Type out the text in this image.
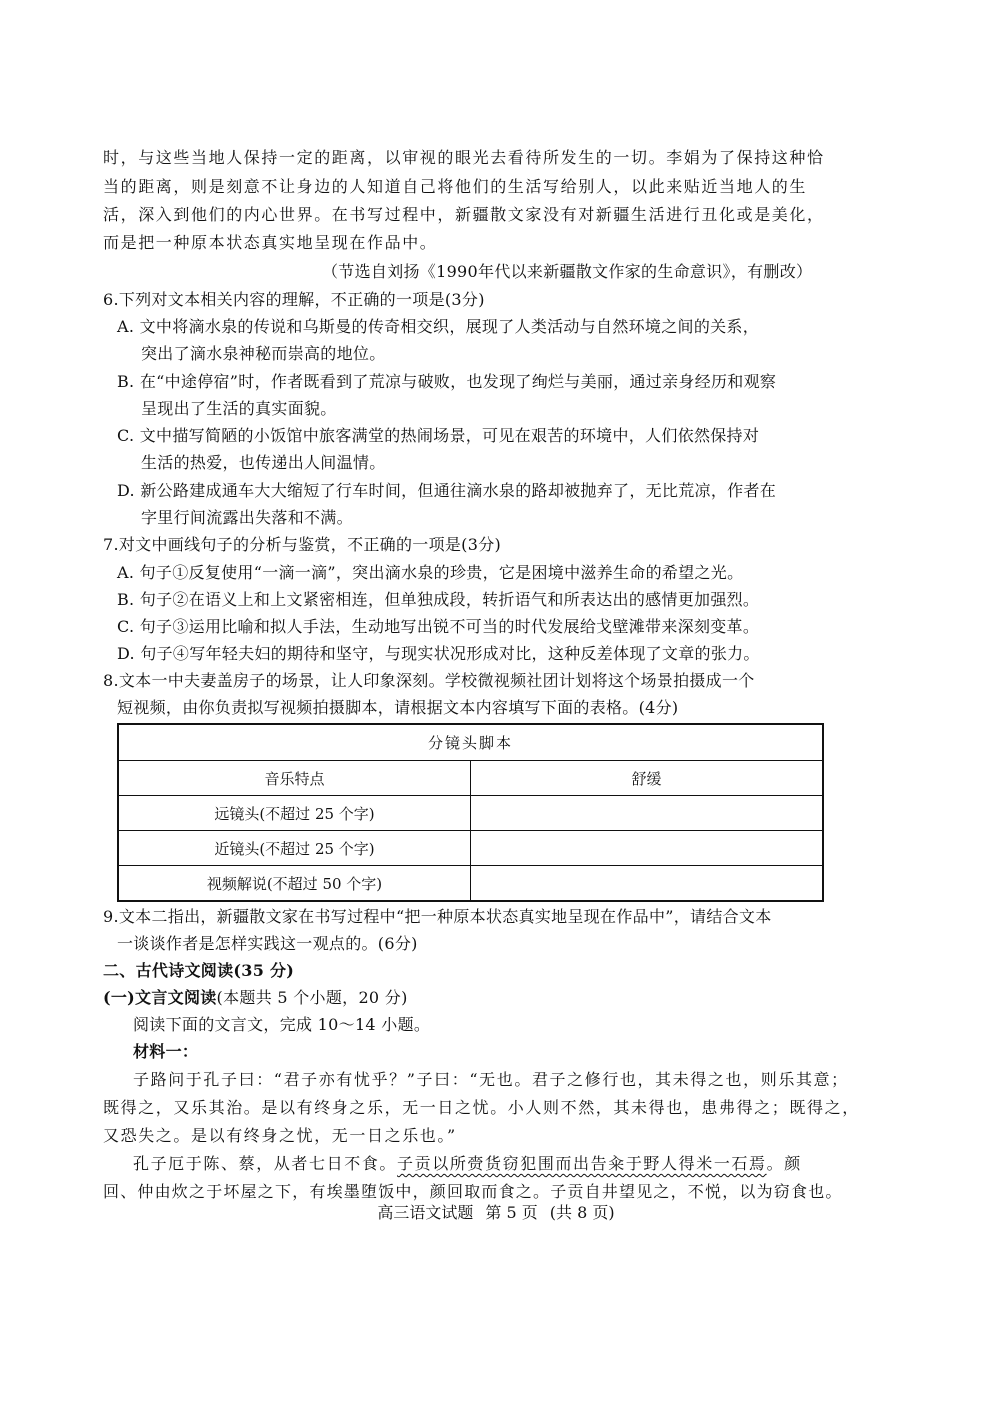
时，与这些当地人保持一定的距离，以审视的眼光去看待所发生的一切。李娟为了保持这种恰
当的距离，则是刻意不让身边的人知道自己将他们的生活写给别人，以此来贴近当地人的生
活，深入到他们的内心世界。在书写过程中，新疆散文家没有对新疆生活进行丑化或是美化，
而是把一种原本状态真实地呈现在作品中。
（节选自刘扬《1990年代以来新疆散文作家的生命意识》，有删改）
6.下列对文本相关内容的理解，不正确的一项是(3分)
A. 文中将滴水泉的传说和乌斯曼的传奇相交织，展现了人类活动与自然环境之间的关系，
突出了滴水泉神秘而崇高的地位。
B. 在“中途停宿”时，作者既看到了荒凉与破败，也发现了绚烂与美丽，通过亲身经历和观察
呈现出了生活的真实面貌。
C. 文中描写简陋的小饭馆中旅客满堂的热闹场景，可见在艰苦的环境中，人们依然保持对
生活的热爱，也传递出人间温情。
D. 新公路建成通车大大缩短了行车时间，但通往滴水泉的路却被抛弃了，无比荒凉，作者在
字里行间流露出失落和不满。
7.对文中画线句子的分析与鉴赏，不正确的一项是(3分)
A. 句子①反复使用“一滴一滴”，突出滴水泉的珍贵，它是困境中滋养生命的希望之光。
B. 句子②在语义上和上文紧密相连，但单独成段，转折语气和所表达出的感情更加强烈。
C. 句子③运用比喻和拟人手法，生动地写出锐不可当的时代发展给戈壁滩带来深刻变革。
D. 句子④写年轻夫妇的期待和坚守，与现实状况形成对比，这种反差体现了文章的张力。
8.文本一中夫妻盖房子的场景，让人印象深刻。学校微视频社团计划将这个场景拍摄成一个
短视频，由你负责拟写视频拍摄脚本，请根据文本内容填写下面的表格。(4分)
分镜头脚本	
音乐特点	舒缓
远镜头(不超过 25 个字)	
近镜头(不超过 25 个字)	
视频解说(不超过 50 个字)	
9.文本二指出，新疆散文家在书写过程中“把一种原本状态真实地呈现在作品中”，请结合文本
一谈谈作者是怎样实践这一观点的。(6分)
二、古代诗文阅读(35 分)
(一)文言文阅读(本题共 5 个小题，20 分)
阅读下面的文言文，完成 10～14 小题。
材料一：
子路问于孔子曰：“君子亦有忧乎？”子曰：“无也。君子之修行也，其未得之也，则乐其意；
既得之，又乐其治。是以有终身之乐，无一日之忧。小人则不然，其未得也，患弗得之；既得之，
又恐失之。是以有终身之忧，无一日之乐也。”
孔子厄于陈、蔡，从者七日不食。子贡以所赍货窃犯围而出告籴于野人得米一石焉。颜
回、仲由炊之于坏屋之下，有埃墨堕饭中，颜回取而食之。子贡自井望见之，不悦，以为窃食也。
高三语文试题 第 5 页 (共 8 页)
